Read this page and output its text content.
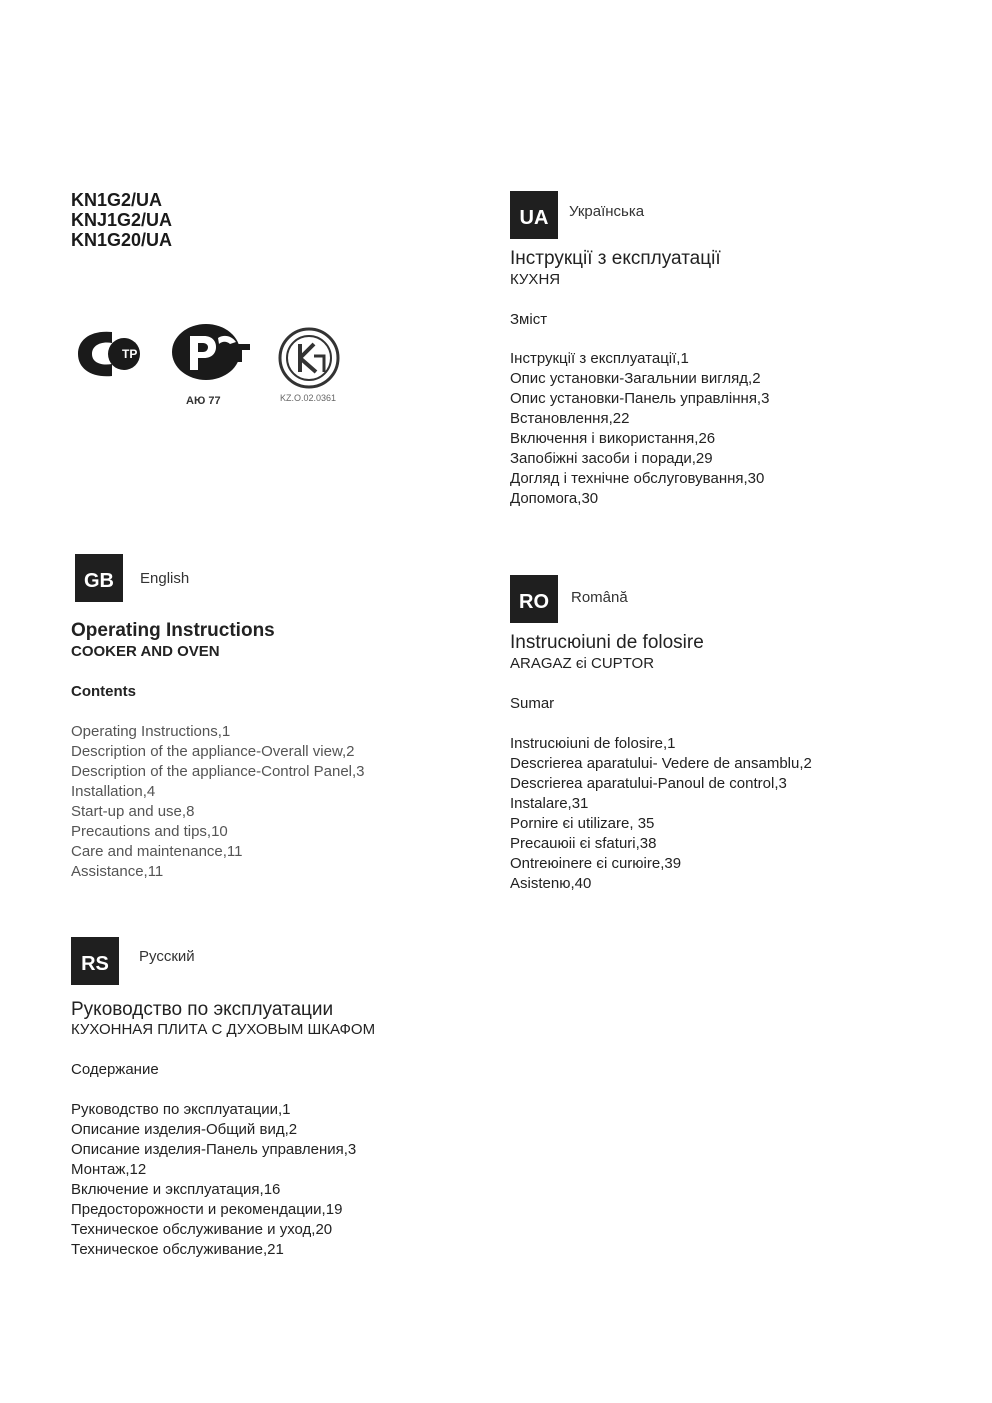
KN1G2/UA
KNJ1G2/UA
KN1G20/UA
TP
АЮ 77	KZ.O.02.0361
UA Українська
Інструкції з експлуатації
КУХНЯ
Зміст
Інструкції з експлуатації,1
Опис установки-Загальнии вигляд,2
Опис установки-Панель управління,3
Встановлення,22
Включення і використання,26
Запобіжні засоби і поради,29
Догляд і технічне обслуговування,30
Допомога,30
GB English
Operating Instructions
COOKER AND OVEN
Contents
Operating Instructions,1
Description of the appliance-Overall view,2
Description of the appliance-Control Panel,3
Installation,4
Start-up and use,8
Precautions and tips,10
Care and maintenance,11
Assistance,11
RO Română
Instrucюiuni de folosire
ARAGAZ єi CUPTOR
Sumar
Instrucюiuni de folosire,1
Descrierea aparatului- Vedere de ansamblu,2
Descrierea aparatului-Panoul de control,3
Instalare,31
Pornire єi utilizare, 35
Precauюii єi sfaturi,38
Ontreюinere єi curюire,39
Asistenю,40
RS Русский
Руководство по эксплуатации
КУХОННАЯ ПЛИТА С ДУХОВЫМ ШКАФОМ
Содержание
Руководство по эксплуатации,1
Описание изделия-Общий вид,2
Описание изделия-Панель управления,3
Монтаж,12
Включение и эксплуатация,16
Предосторожности и рекомендации,19
Техническое обслуживание и уход,20
Техническое обслуживание,21
